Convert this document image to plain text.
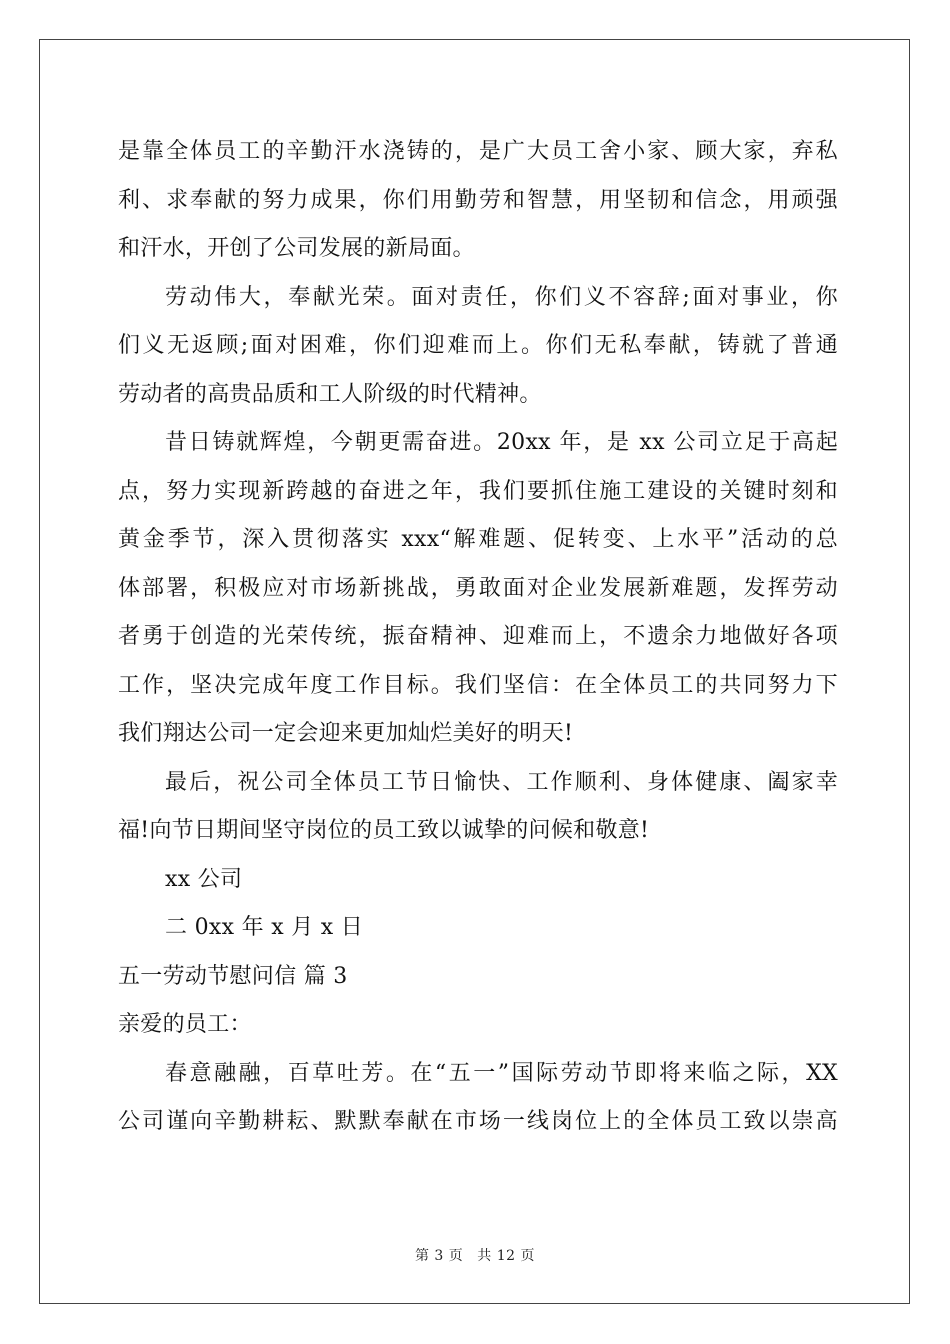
是靠全体员工的辛勤汗水浇铸的，是广大员工舍小家、顾大家，弃私
利、求奉献的努力成果，你们用勤劳和智慧，用坚韧和信念，用顽强
和汗水，开创了公司发展的新局面。
劳动伟大，奉献光荣。面对责任，你们义不容辞;面对事业，你
们义无返顾;面对困难，你们迎难而上。你们无私奉献，铸就了普通
劳动者的高贵品质和工人阶级的时代精神。
昔日铸就辉煌，今朝更需奋进。20xx 年，是 xx 公司立足于高起
点，努力实现新跨越的奋进之年，我们要抓住施工建设的关键时刻和
黄金季节，深入贯彻落实 xxx“解难题、促转变、上水平”活动的总
体部署，积极应对市场新挑战，勇敢面对企业发展新难题，发挥劳动
者勇于创造的光荣传统，振奋精神、迎难而上，不遗余力地做好各项
工作，坚决完成年度工作目标。我们坚信：在全体员工的共同努力下
我们翔达公司一定会迎来更加灿烂美好的明天!
最后，祝公司全体员工节日愉快、工作顺利、身体健康、阖家幸
福!向节日期间坚守岗位的员工致以诚挚的问候和敬意!
xx 公司
二 0xx 年 x 月 x 日
五一劳动节慰问信 篇 3
亲爱的员工：
春意融融，百草吐芳。在“五一”国际劳动节即将来临之际，XX
公司谨向辛勤耕耘、默默奉献在市场一线岗位上的全体员工致以崇高
第 3 页 共 12 页
